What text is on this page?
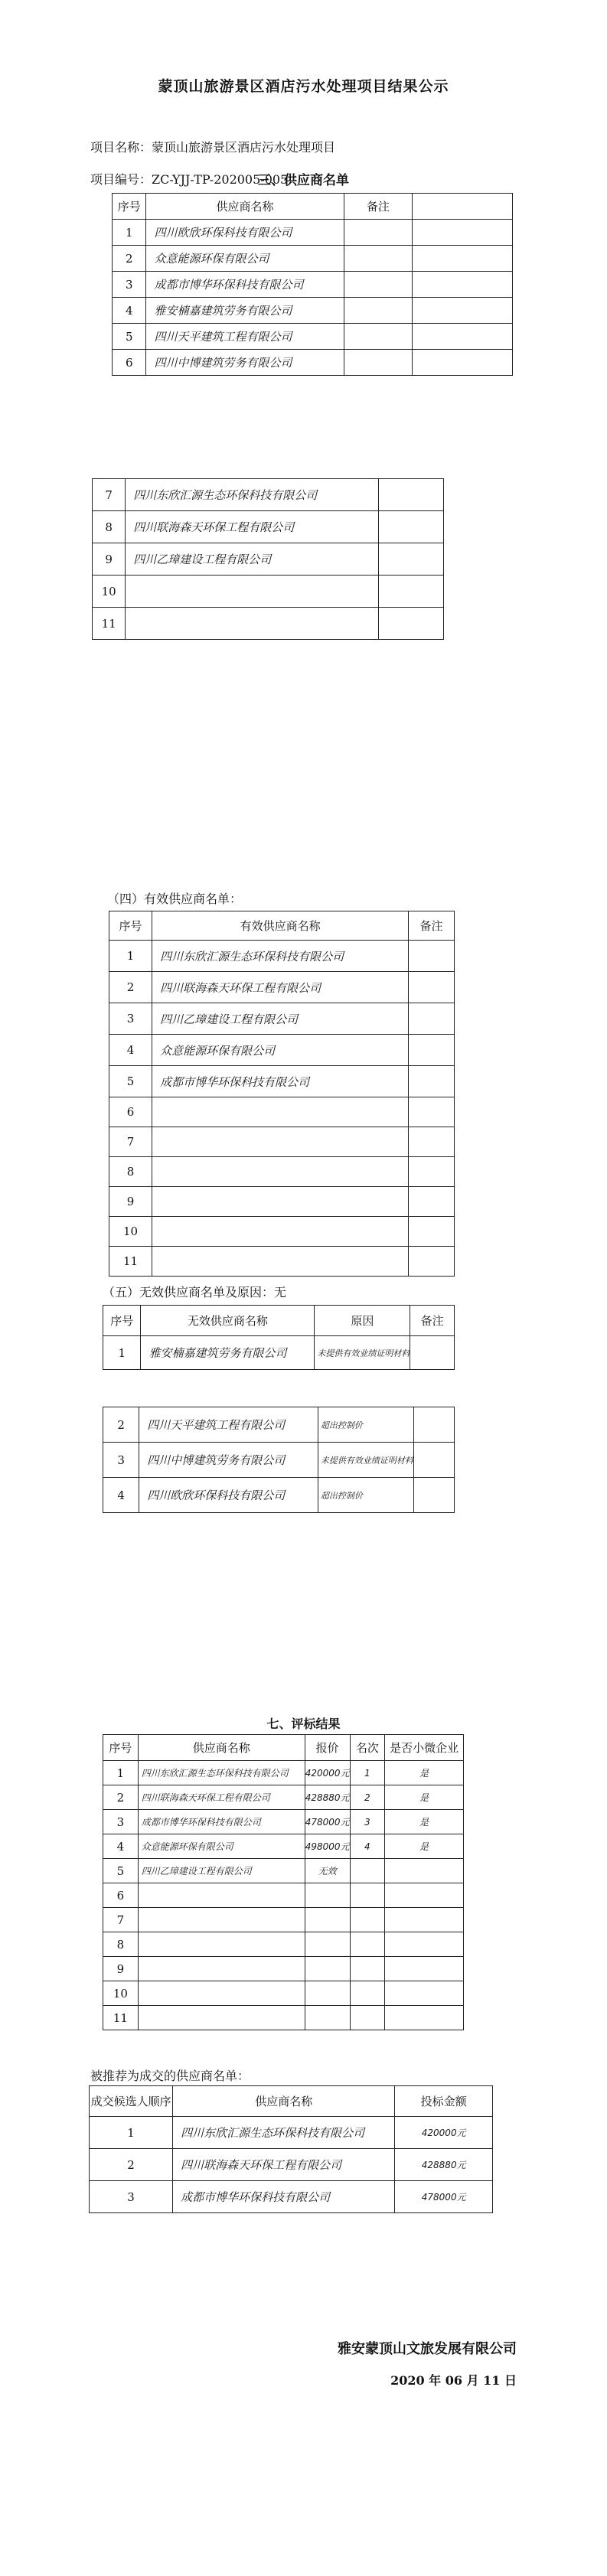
蒙顶山旅游景区酒店污水处理项目结果公示
项目名称：蒙顶山旅游景区酒店污水处理项目
项目编号：ZC-YJJ-TP-202005-005
三、供应商名单
序号	供应商名称	备注	
1	四川欧欣环保科技有限公司		
2	众意能源环保有限公司		
3	成都市博华环保科技有限公司		
4	雅安楠嘉建筑劳务有限公司		
5	四川天平建筑工程有限公司		
6	四川中博建筑劳务有限公司		
7	四川东欣汇源生态环保科技有限公司	
8	四川联海森天环保工程有限公司	
9	四川乙璋建设工程有限公司	
10		
11		
（四）有效供应商名单：
序号	有效供应商名称	备注
1	四川东欣汇源生态环保科技有限公司	
2	四川联海森天环保工程有限公司	
3	四川乙璋建设工程有限公司	
4	众意能源环保有限公司	
5	成都市博华环保科技有限公司	
6		
7		
8		
9		
10		
11		
（五）无效供应商名单及原因：无
序号	无效供应商名称	原因	备注
1	雅安楠嘉建筑劳务有限公司	未提供有效业绩证明材料	
2	四川天平建筑工程有限公司	超出控制价	
3	四川中博建筑劳务有限公司	未提供有效业绩证明材料	
4	四川欧欣环保科技有限公司	超出控制价	
七、评标结果
序号	供应商名称	报价	名次	是否小微企业
1	四川东欣汇源生态环保科技有限公司	420000元	1	是
2	四川联海森天环保工程有限公司	428880元	2	是
3	成都市博华环保科技有限公司	478000元	3	是
4	众意能源环保有限公司	498000元	4	是
5	四川乙璋建设工程有限公司	无效		
6				
7				
8				
9				
10				
11				
被推荐为成交的供应商名单：
成交候选人顺序	供应商名称	投标金额
1	四川东欣汇源生态环保科技有限公司	420000元
2	四川联海森天环保工程有限公司	428880元
3	成都市博华环保科技有限公司	478000元
雅安蒙顶山文旅发展有限公司
2020 年 06 月 11 日
